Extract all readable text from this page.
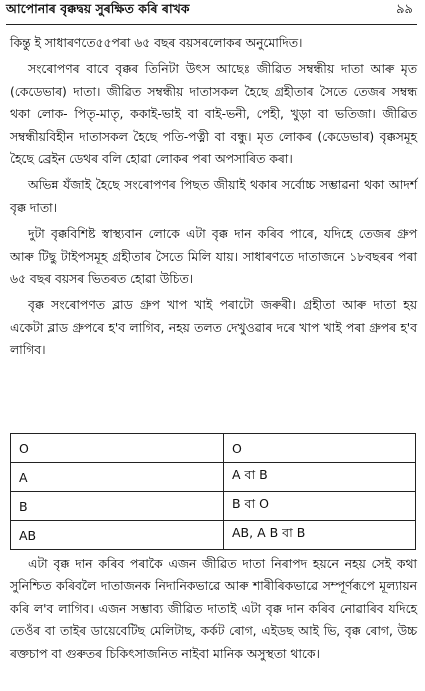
আপোনাৰ বৃক্কদ্বয় সুৰক্ষিত কৰি ৰাখক	৯৯

কিন্তু ই সাধাৰণতে৫৫পৰা ৬৫ বছৰ বয়সৰলোকৰ অনুমোদিত।

সংৰোপণৰ বাবে বৃক্কৰ তিনিটা উৎস আছেঃ জীৱিত সম্বন্ধীয় দাতা আৰু মৃত (কেডেভাৰ) দাতা। জীৱিত সম্বন্ধীয় দাতাসকল হৈছে গ্ৰহীতাৰ সৈতে তেজৰ সম্বন্ধ থকা লোক- পিতৃ-মাতৃ, ককাই-ভাই বা বাই-ভনী, পেহী, খুড়া বা ভতিজা। জীৱিত সম্বন্ধীয়বিহীন দাতাসকল হৈছে পতি-পত্নী বা বন্ধু। মৃত লোকৰ (কেডেভাৰ) বৃক্কসমূহ হৈছে ব্ৰেইন ডেথৰ বলি হোৱা লোকৰ পৰা অপসাৰিত কৰা।

অভিন্ন যঁজাই হৈছে সংৰোপণৰ পিছত জীয়াই থকাৰ সৰ্বোচ্চ সম্ভাৱনা থকা আদৰ্শ বৃক্ক দাতা।

দুটা বৃক্কবিশিষ্ট স্বাস্থ্যবান লোকে এটা বৃক্ক দান কৰিব পাৰে, যদিহে তেজৰ গ্ৰুপ আৰু টিছু টাইপসমূহ গ্ৰহীতাৰ সৈতে মিলি যায়। সাধাৰণতে দাতাজনে ১৮বছৰৰ পৰা ৬৫ বছৰ বয়সৰ ভিতৰত হোৱা উচিত।

বৃক্ক সংৰোপণত ব্লাড গ্ৰুপ খাপ খাই পৰাটো জৰুৰী। গ্ৰহীতা আৰু দাতা হয় একেটা ব্লাড গ্ৰুপৰে হ'ব লাগিব, নহয় তলত দেখুওৱাৰ দৰে খাপ খাই পৰা গ্ৰুপৰ হ'ব লাগিব।

O	O
A	A বা B
B	B বা O
AB	AB, A B বা B

এটা বৃক্ক দান কৰিব পৰাকৈ এজন জীৱিত দাতা নিৰাপদ হয়নে নহয় সেই কথা সুনিশ্চিত কৰিবলৈ দাতাজনক নিদানিকভাৱে আৰু শাৰীৰিকভাৱে সম্পূৰ্ণৰূপে মূল্যায়ন কৰি ল'ব লাগিব। এজন সম্ভাব্য জীৱিত দাতাই এটা বৃক্ক দান কৰিব নোৱাৰিব যদিহে তেওঁৰ বা তাইৰ ডায়েবেটিছ মেলিটাছ, কৰ্কট ৰোগ, এইডছ আই ভি, বৃক্ক ৰোগ, উচ্চ ৰক্তচাপ বা গুৰুতৰ চিকিৎসাজনিত নাইবা মানিক অসুস্থতা থাকে।
